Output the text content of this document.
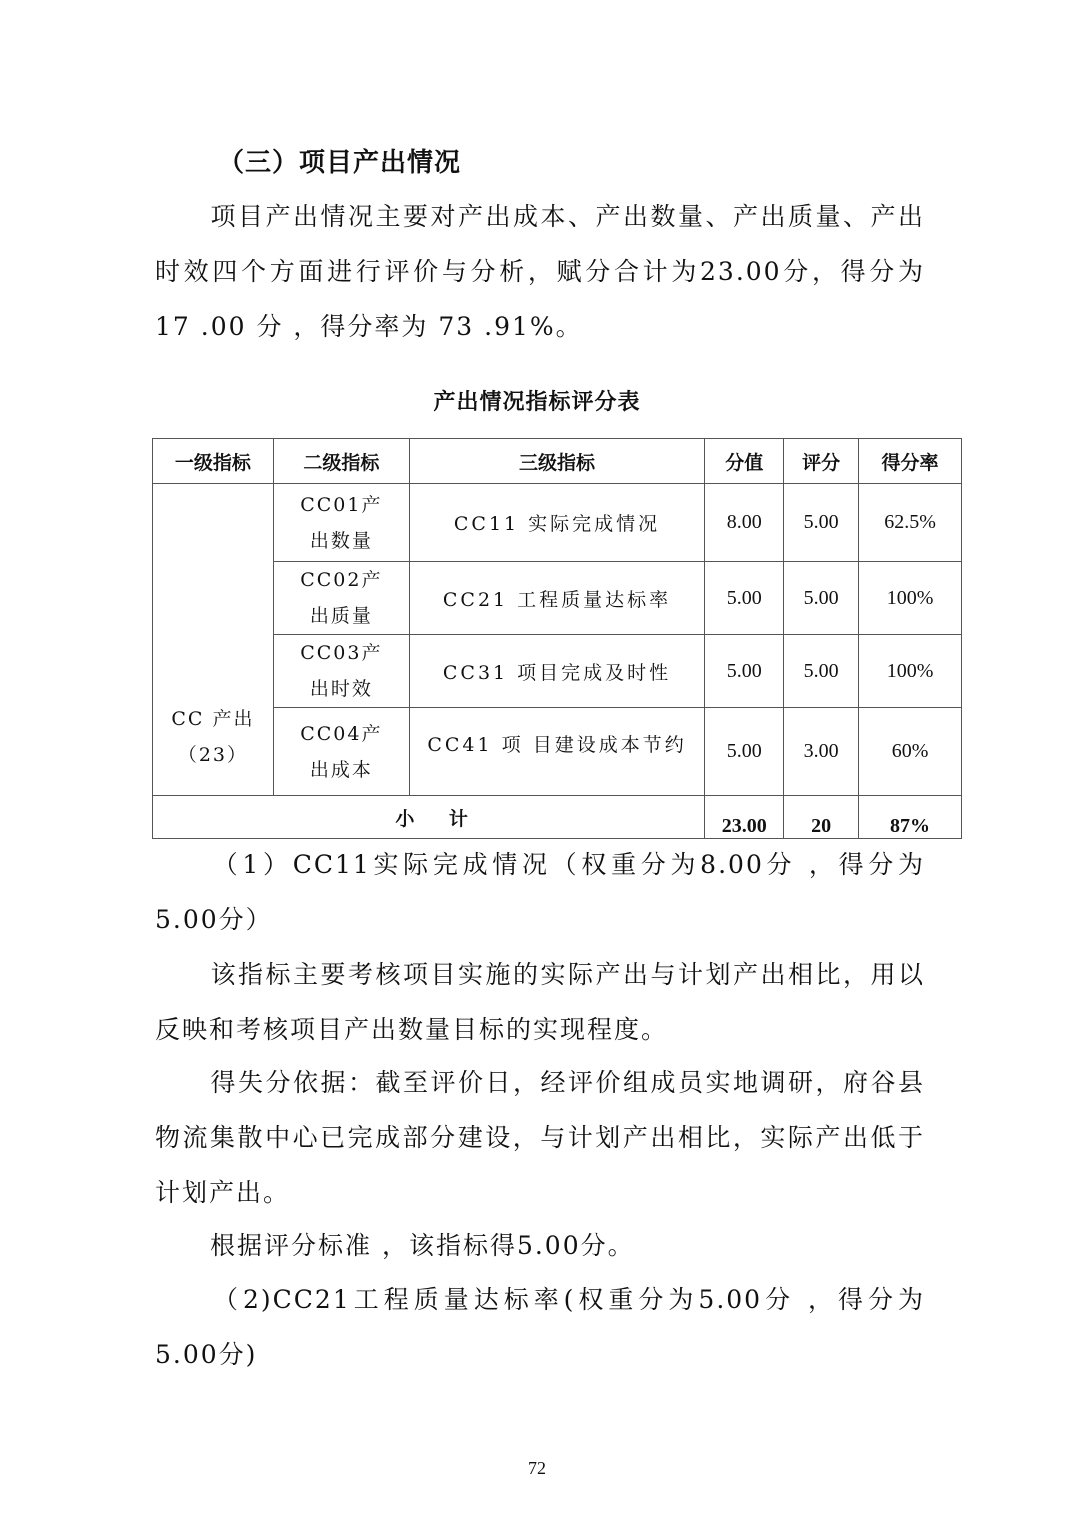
（三）项目产出情况

项目产出情况主要对产出成本、产出数量、产出质量、产出时效四个方面进行评价与分析，赋分合计为23.00分，得分为 17 .00 分 ，得分率为 73 .91%。

产出情况指标评分表
一级指标	二级指标	三级指标	分值	评分	得分率
CC 产出（23）	CC01产出数量	CC11 实际完成情况	8.00	5.00	62.5%
	CC02产出质量	CC21 工程质量达标率	5.00	5.00	100%
	CC03产出时效	CC31 项目完成及时性	5.00	5.00	100%
	CC04产出成本	CC41 项 目建设成本节约	5.00	3.00	60%
小 计			23.00	20	87%

（1）CC11实际完成情况（权重分为8.00分 ，得分为5.00分）

该指标主要考核项目实施的实际产出与计划产出相比，用以反映和考核项目产出数量目标的实现程度。

得失分依据：截至评价日，经评价组成员实地调研，府谷县物流集散中心已完成部分建设，与计划产出相比，实际产出低于计划产出。

根据评分标准 ，该指标得5.00分。

（2)CC21工程质量达标率(权重分为5.00分 ，得分为5.00分)

72
